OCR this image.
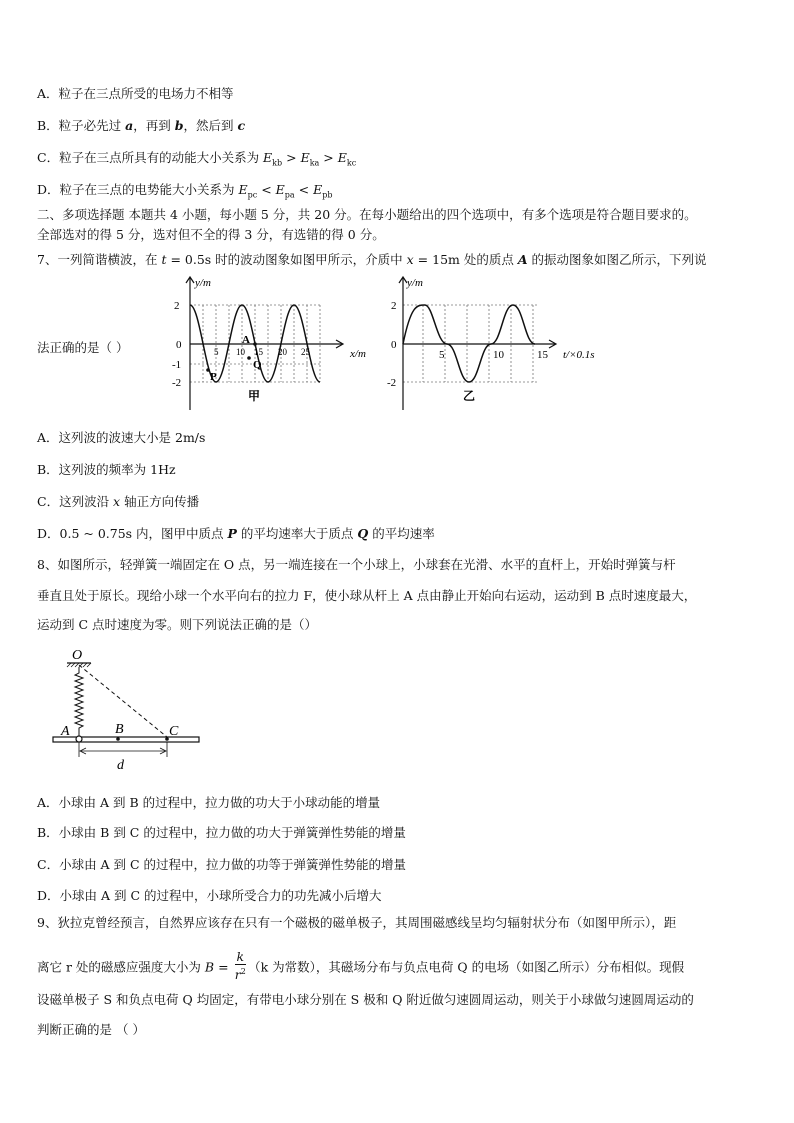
A．粒子在三点所受的电场力不相等
B．粒子必先过 a，再到 b，然后到 c
C．粒子在三点所具有的动能大小关系为 $E_{kb} > E_{ka} > E_{kc}$
D．粒子在三点的电势能大小关系为 $E_{pc} < E_{pa} < E_{pb}$
二、多项选择题 本题共 4 小题，每小题 5 分，共 20 分。在每小题给出的四个选项中，有多个选项是符合题目要求的。
全部选对的得 5 分，选对但不全的得 3 分，有选错的得 0 分。
7、一列简谐横波，在 t = 0.5s 时的波动图象如图甲所示，介质中 x = 15m 处的质点 A 的振动图象如图乙所示，下列说
法正确的是（ ）
y/m
x/m
2
0
-1
-2
5 10 15 20 25
A
P
Q
甲
y/m
t/×0.1s
2
0
-2
5	10	15
乙
A．这列波的波速大小是 2m/s
B．这列波的频率为 1Hz
C．这列波沿 x 轴正方向传播
D．0.5 ~ 0.75s 内，图甲中质点 P 的平均速率大于质点 Q 的平均速率
8、如图所示，轻弹簧一端固定在 O 点，另一端连接在一个小球上，小球套在光滑、水平的直杆上，开始时弹簧与杆
垂直且处于原长。现给小球一个水平向右的拉力 F，使小球从杆上 A 点由静止开始向右运动，运动到 B 点时速度最大，
运动到 C 点时速度为零。则下列说法正确的是（）
O
A	B	C
d
A．小球由 A 到 B 的过程中，拉力做的功大于小球动能的增量
B．小球由 B 到 C 的过程中，拉力做的功大于弹簧弹性势能的增量
C．小球由 A 到 C 的过程中，拉力做的功等于弹簧弹性势能的增量
D．小球由 A 到 C 的过程中，小球所受合力的功先减小后增大
9、狄拉克曾经预言，自然界应该存在只有一个磁极的磁单极子，其周围磁感线呈均匀辐射状分布（如图甲所示），距
离它 r 处的磁感应强度大小为 $B = \frac{k}{r^2} (k$ 为常数），其磁场分布与负点电荷 Q 的电场（如图乙所示）分布相似。现假
设磁单极子 S 和负点电荷 Q 均固定，有带电小球分别在 S 极和 Q 附近做匀速圆周运动，则关于小球做匀速圆周运动的
判断正确的是 （ ）
